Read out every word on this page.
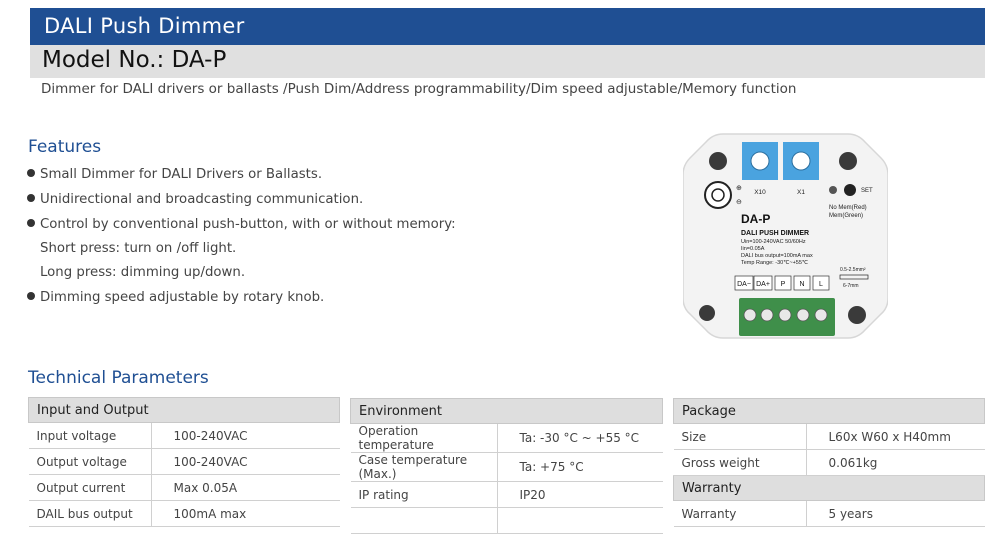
DALI Push Dimmer
Model No.: DA-P
Dimmer for DALI drivers or ballasts /Push Dim/Address programmability/Dim speed adjustable/Memory function
Features
Small Dimmer for DALI Drivers or Ballasts.
Unidirectional and broadcasting communication.
Control by conventional push-button, with or without memory:
Short press: turn on /off light.
Long press: dimming up/down.
Dimming speed adjustable by rotary knob.
Technical Parameters
Input and Output	
Input voltage	100-240VAC
Output voltage	100-240VAC
Output current	Max 0.05A
DAIL bus output	100mA max
Environment	
Operation temperature	Ta: -30 °C ~ +55 °C
Case temperature (Max.)	Ta: +75 °C
IP rating	IP20

Package	
Size	L60x W60 x H40mm
Gross weight	0.061kg
Warranty	
Warranty	5 years
X10	X1
⊕
⊖
SET
No Mem(Red)
Mem(Green)
DA-P
DALI PUSH DIMMER
Uin=100-240VAC 50/60Hz
Iin=0.05A
DALI bus output=100mA max
Temp Range: -30℃~+55℃
0.5-2.5mm²
6-7mm
DA− DA+ P N L
